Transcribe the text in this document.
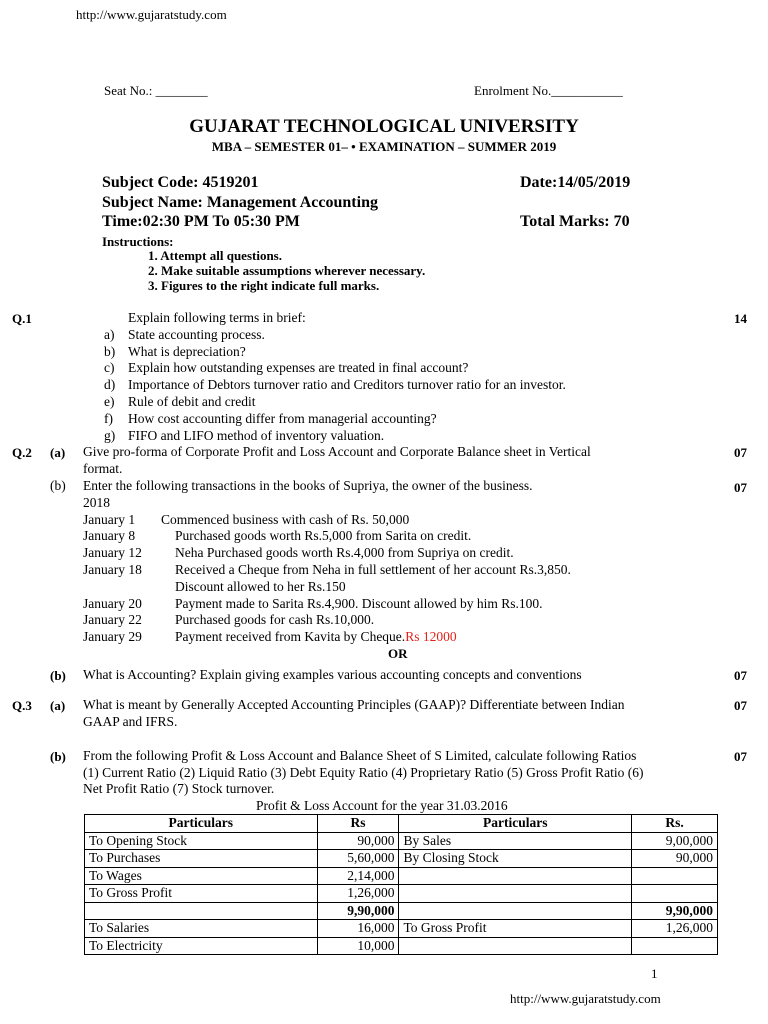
http://www.gujaratstudy.com
Seat No.: ________	Enrolment No.___________
GUJARAT TECHNOLOGICAL UNIVERSITY
MBA – SEMESTER 01– • EXAMINATION – SUMMER 2019
Subject Code: 4519201	Date:14/05/2019
Subject Name: Management Accounting
Time:02:30 PM To 05:30 PM	Total Marks: 70
Instructions:
1. Attempt all questions.
2. Make suitable assumptions wherever necessary.
3. Figures to the right indicate full marks.
Q.1	Explain following terms in brief:	14
a) State accounting process.
b) What is depreciation?
c) Explain how outstanding expenses are treated in final account?
d) Importance of Debtors turnover ratio and Creditors turnover ratio for an investor.
e) Rule of debit and credit
f) How cost accounting differ from managerial accounting?
g) FIFO and LIFO method of inventory valuation.
Q.2 (a) Give pro-forma of Corporate Profit and Loss Account and Corporate Balance sheet in Vertical
format.
07
(b) Enter the following transactions in the books of Supriya, the owner of the business.	07
2018
January 1 Commenced business with cash of Rs. 50,000
January 8	Purchased goods worth Rs.5,000 from Sarita on credit.
January 12 Neha Purchased goods worth Rs.4,000 from Supriya on credit.
January 18 Received a Cheque from Neha in full settlement of her account Rs.3,850.
Discount allowed to her Rs.150
January 20 Payment made to Sarita Rs.4,900. Discount allowed by him Rs.100.
January 22 Purchased goods for cash Rs.10,000.
January 29 Payment received from Kavita by Cheque.Rs 12000
OR
(b) What is Accounting? Explain giving examples various accounting concepts and conventions	07
Q.3 (a) What is meant by Generally Accepted Accounting Principles (GAAP)? Differentiate between Indian
GAAP and IFRS.
07
(b) From the following Profit & Loss Account and Balance Sheet of S Limited, calculate following Ratios
(1) Current Ratio (2) Liquid Ratio (3) Debt Equity Ratio (4) Proprietary Ratio (5) Gross Profit Ratio (6)
Net Profit Ratio (7) Stock turnover.
07
Profit & Loss Account for the year 31.03.2016
Particulars	Rs	Particulars	Rs.
To Opening Stock	90,000	By Sales	9,00,000
To Purchases	5,60,000	By Closing Stock	90,000
To Wages	2,14,000		
To Gross Profit	1,26,000		
	9,90,000		9,90,000
To Salaries	16,000	To Gross Profit	1,26,000
To Electricity	10,000		
1
http://www.gujaratstudy.com
